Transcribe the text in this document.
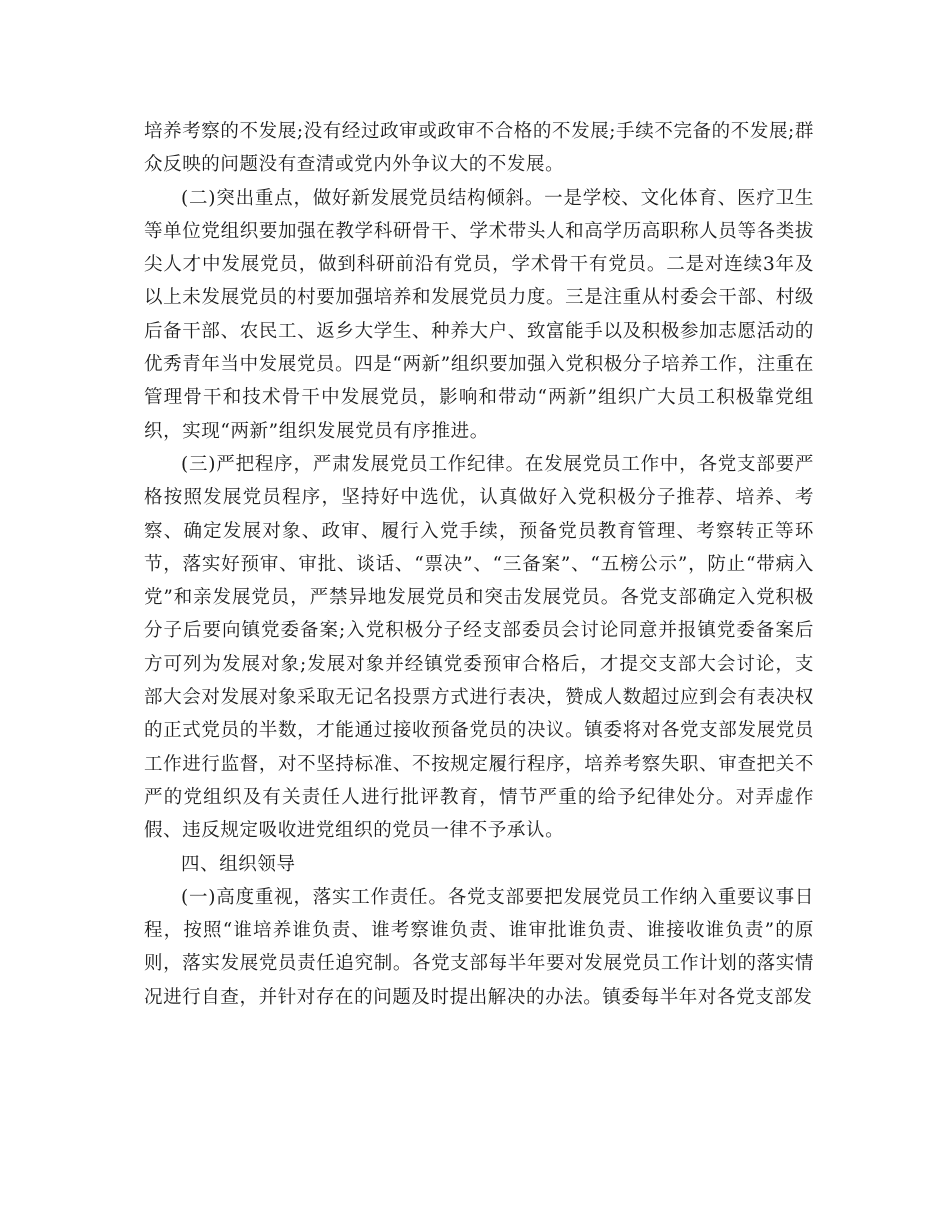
培养考察的不发展;没有经过政审或政审不合格的不发展;手续不完备的不发展;群众反映的问题没有查清或党内外争议大的不发展。

(二)突出重点，做好新发展党员结构倾斜。一是学校、文化体育、医疗卫生等单位党组织要加强在教学科研骨干、学术带头人和高学历高职称人员等各类拔尖人才中发展党员，做到科研前沿有党员，学术骨干有党员。二是对连续3年及以上未发展党员的村要加强培养和发展党员力度。三是注重从村委会干部、村级后备干部、农民工、返乡大学生、种养大户、致富能手以及积极参加志愿活动的优秀青年当中发展党员。四是“两新”组织要加强入党积极分子培养工作，注重在管理骨干和技术骨干中发展党员，影响和带动“两新”组织广大员工积极靠党组织，实现“两新”组织发展党员有序推进。

(三)严把程序，严肃发展党员工作纪律。在发展党员工作中，各党支部要严格按照发展党员程序，坚持好中选优，认真做好入党积极分子推荐、培养、考察、确定发展对象、政审、履行入党手续，预备党员教育管理、考察转正等环节，落实好预审、审批、谈话、“票决”、“三备案”、“五榜公示”，防止“带病入党”和亲发展党员，严禁异地发展党员和突击发展党员。各党支部确定入党积极分子后要向镇党委备案;入党积极分子经支部委员会讨论同意并报镇党委备案后方可列为发展对象;发展对象并经镇党委预审合格后，才提交支部大会讨论，支部大会对发展对象采取无记名投票方式进行表决，赞成人数超过应到会有表决权的正式党员的半数，才能通过接收预备党员的决议。镇委将对各党支部发展党员工作进行监督，对不坚持标准、不按规定履行程序，培养考察失职、审查把关不严的党组织及有关责任人进行批评教育，情节严重的给予纪律处分。对弄虚作假、违反规定吸收进党组织的党员一律不予承认。

四、组织领导

(一)高度重视，落实工作责任。各党支部要把发展党员工作纳入重要议事日程，按照“谁培养谁负责、谁考察谁负责、谁审批谁负责、谁接收谁负责”的原则，落实发展党员责任追究制。各党支部每半年要对发展党员工作计划的落实情况进行自查，并针对存在的问题及时提出解决的办法。镇委每半年对各党支部发
